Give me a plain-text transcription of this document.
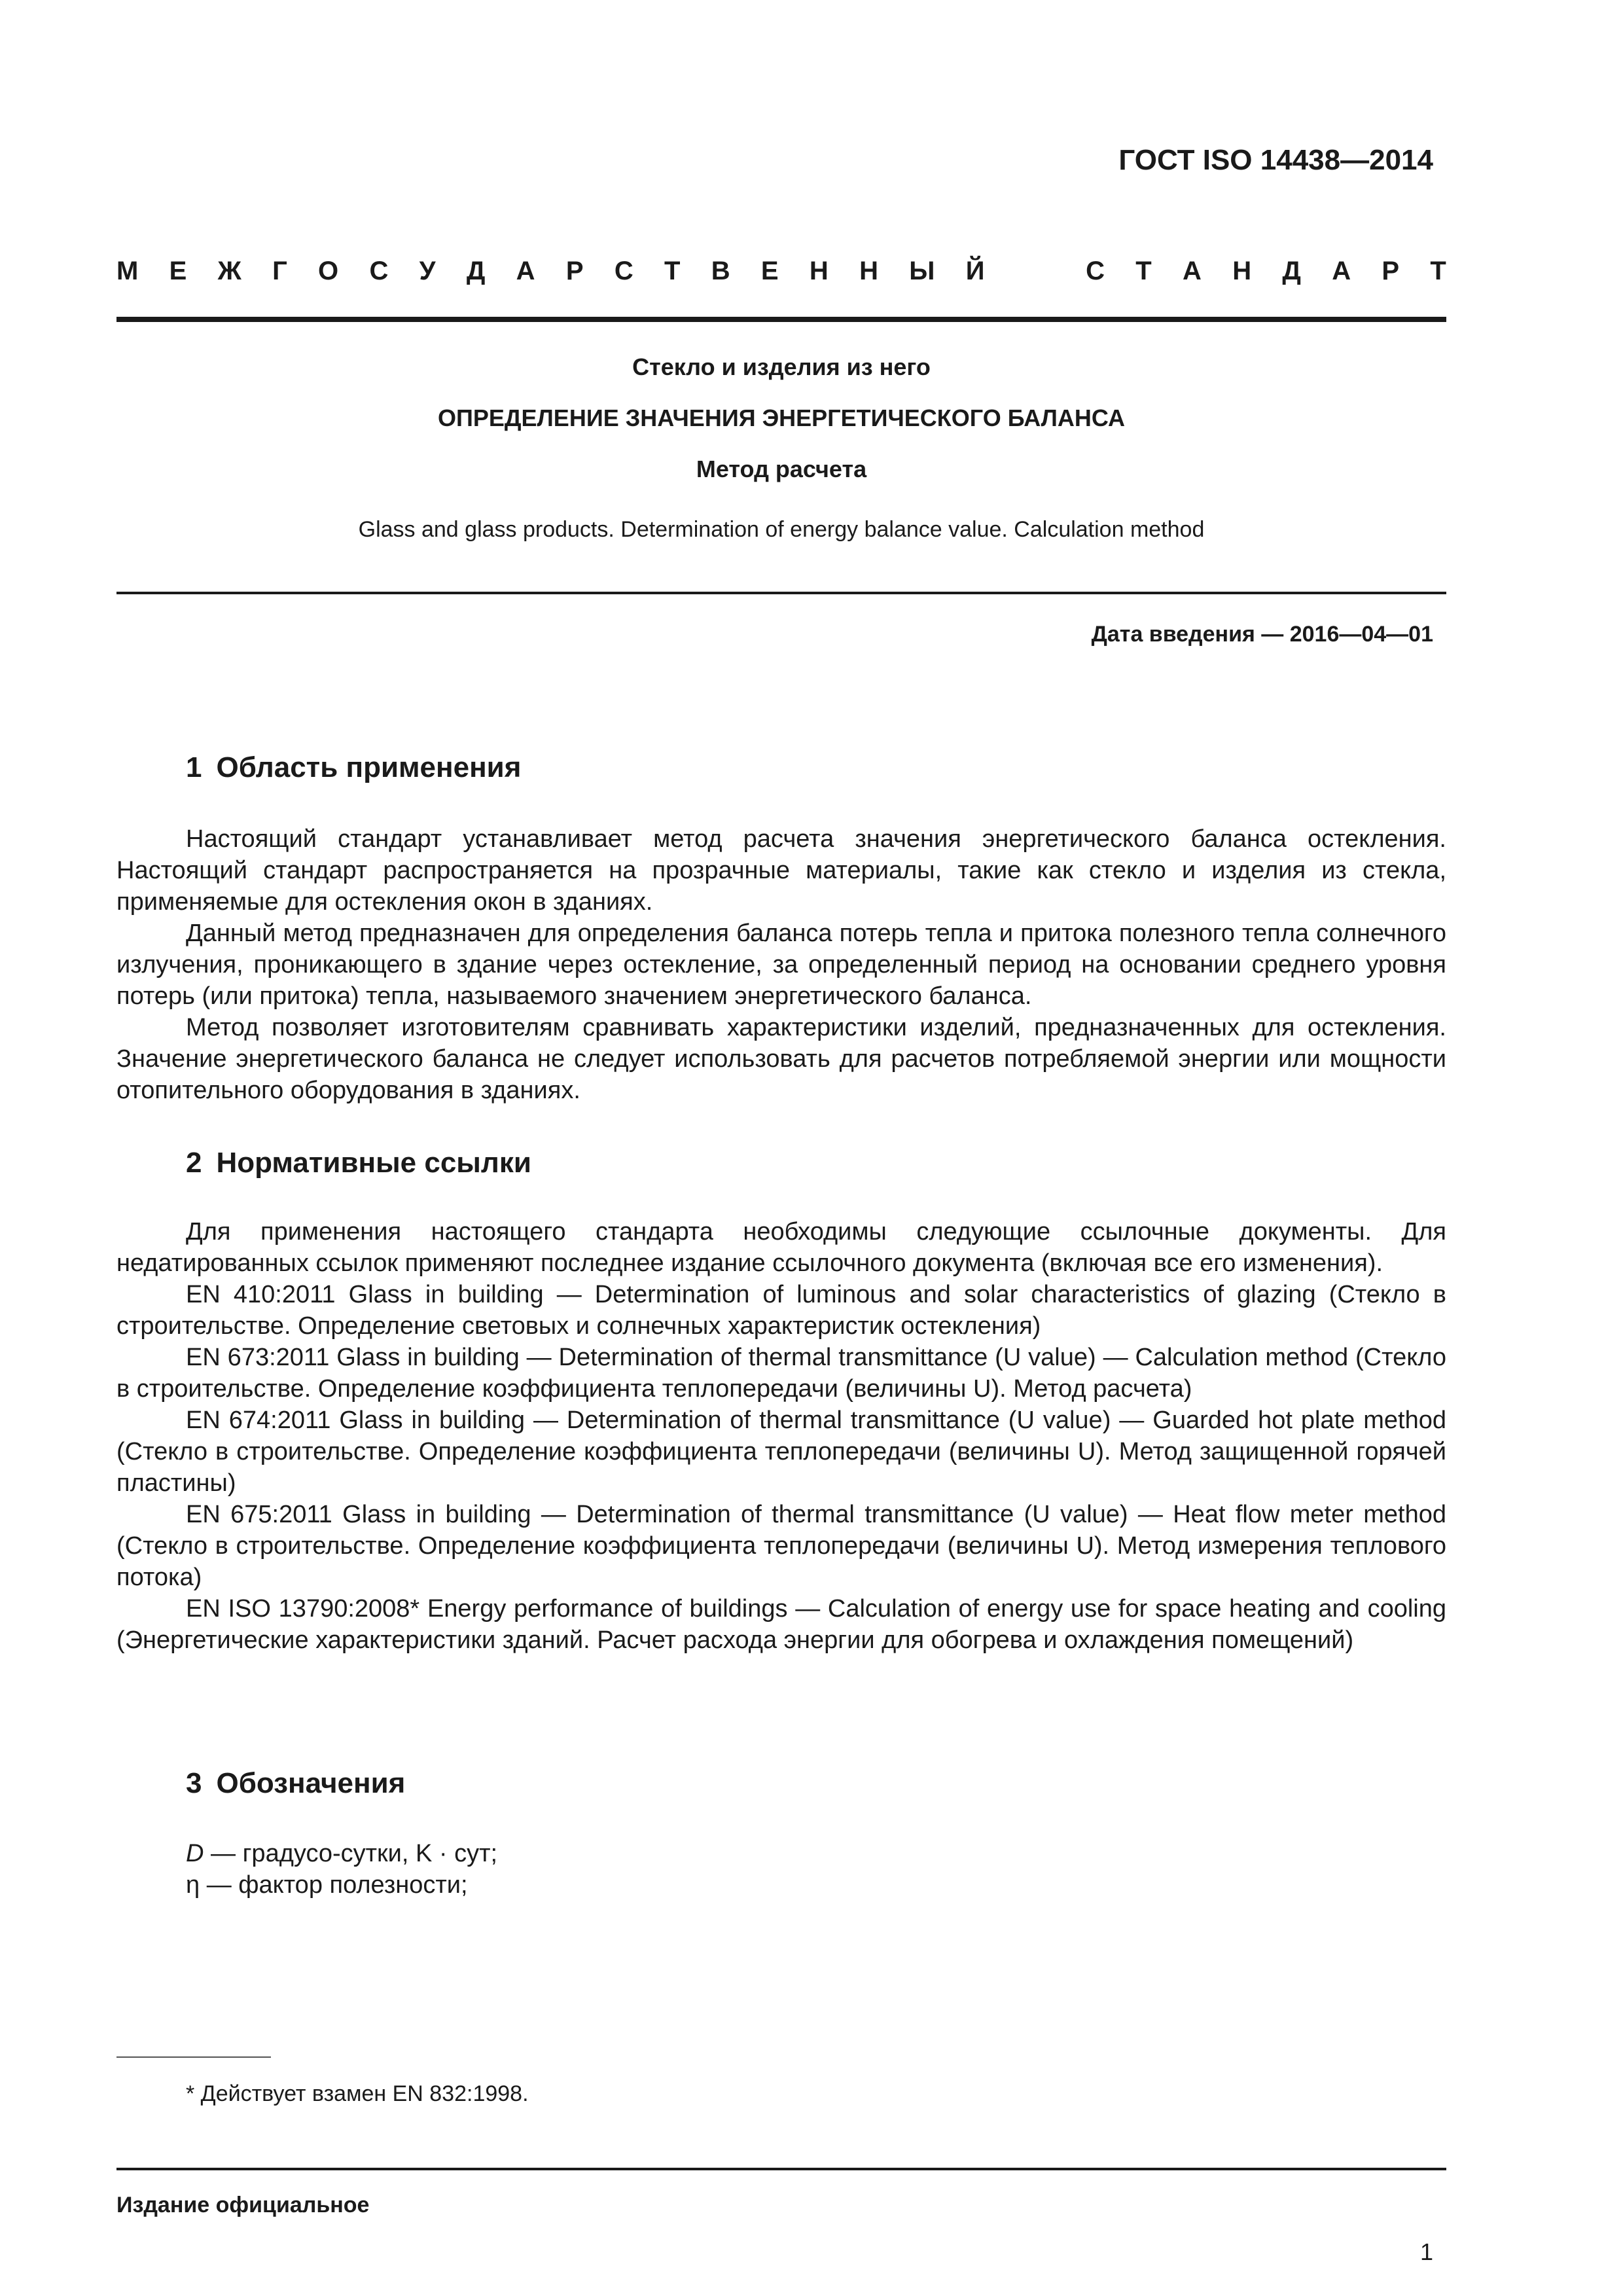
ГОСТ ISO 14438—2014
М Е Ж Г О С У Д А Р С Т В Е Н Н Ы Й	С Т А Н Д А Р Т
Стекло и изделия из него
ОПРЕДЕЛЕНИЕ ЗНАЧЕНИЯ ЭНЕРГЕТИЧЕСКОГО БАЛАНСА
Метод расчета
Glass and glass products. Determination of energy balance value. Calculation method
Дата введения — 2016—04—01
1 Область применения

Настоящий стандарт устанавливает метод расчета значения энергетического баланса остекления. Настоящий стандарт распространяется на прозрачные материалы, такие как стекло и изделия из стекла, применяемые для остекления окон в зданиях.

Данный метод предназначен для определения баланса потерь тепла и притока полезного тепла солнечного излучения, проникающего в здание через остекление, за определенный период на основании среднего уровня потерь (или притока) тепла, называемого значением энергетического баланса.

Метод позволяет изготовителям сравнивать характеристики изделий, предназначенных для остекления. Значение энергетического баланса не следует использовать для расчетов потребляемой энергии или мощности отопительного оборудования в зданиях.

2 Нормативные ссылки

Для применения настоящего стандарта необходимы следующие ссылочные документы. Для недатированных ссылок применяют последнее издание ссылочного документа (включая все его изменения).

EN 410:2011 Glass in building — Determination of luminous and solar characteristics of glazing (Стекло в строительстве. Определение световых и солнечных характеристик остекления)

EN 673:2011 Glass in building — Determination of thermal transmittance (U value) — Calculation method (Стекло в строительстве. Определение коэффициента теплопередачи (величины U). Метод расчета)

EN 674:2011 Glass in building — Determination of thermal transmittance (U value) — Guarded hot plate method (Стекло в строительстве. Определение коэффициента теплопередачи (величины U). Метод защищенной горячей пластины)

EN 675:2011 Glass in building — Determination of thermal transmittance (U value) — Heat flow meter method (Стекло в строительстве. Определение коэффициента теплопередачи (величины U). Метод измерения теплового потока)

EN ISO 13790:2008* Energy performance of buildings — Calculation of energy use for space heating and cooling (Энергетические характеристики зданий. Расчет расхода энергии для обогрева и охлаждения помещений)

3 Обозначения
D — градусо-сутки, K · сут;
η — фактор полезности;
* Действует взамен EN 832:1998.
Издание официальное
1
